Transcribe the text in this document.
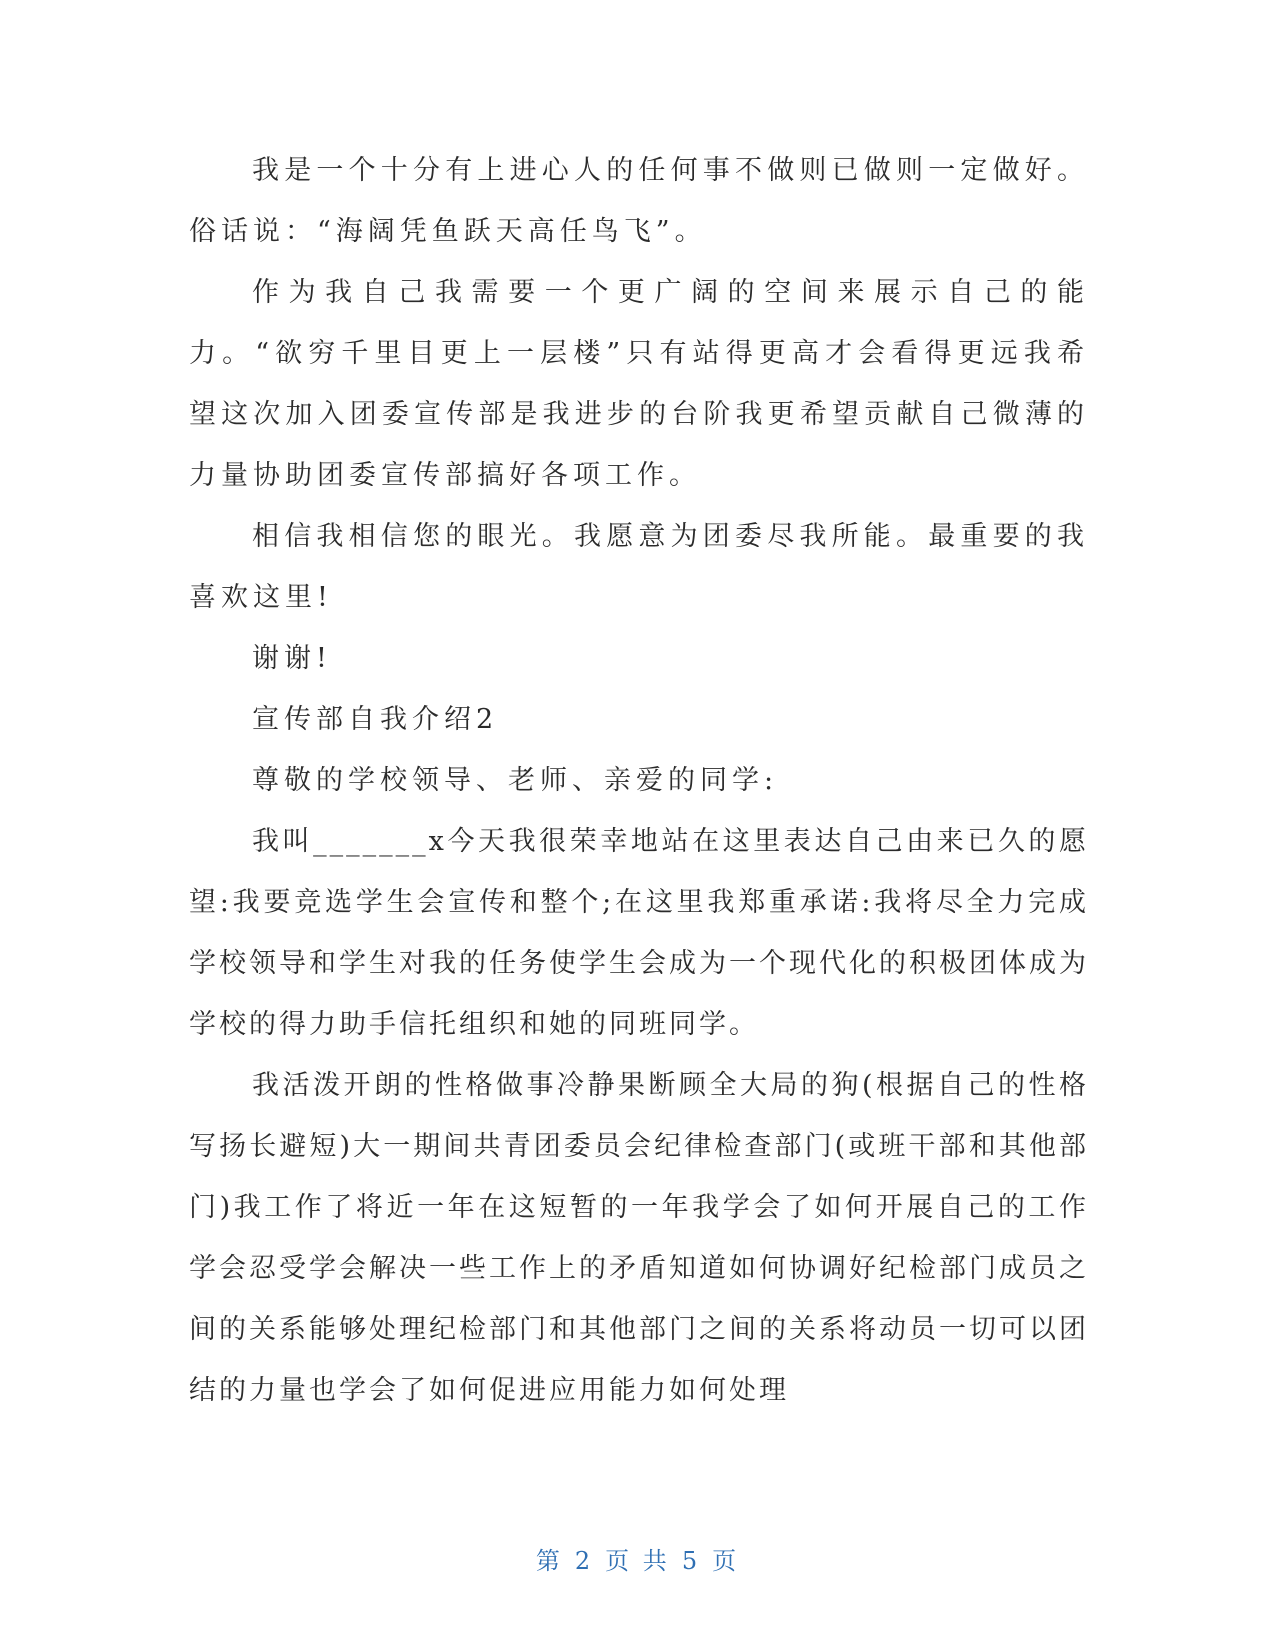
我是一个十分有上进心人的任何事不做则已做则一定做好。俗话说：“海阔凭鱼跃天高任鸟飞”。

作为我自己我需要一个更广阔的空间来展示自己的能力。“欲穷千里目更上一层楼”只有站得更高才会看得更远我希望这次加入团委宣传部是我进步的台阶我更希望贡献自己微薄的力量协助团委宣传部搞好各项工作。

相信我相信您的眼光。我愿意为团委尽我所能。最重要的我喜欢这里!

谢谢!

宣传部自我介绍2

尊敬的学校领导、老师、亲爱的同学:

我叫_______x今天我很荣幸地站在这里表达自己由来已久的愿望:我要竞选学生会宣传和整个;在这里我郑重承诺:我将尽全力完成学校领导和学生对我的任务使学生会成为一个现代化的积极团体成为学校的得力助手信托组织和她的同班同学。

我活泼开朗的性格做事冷静果断顾全大局的狗(根据自己的性格写扬长避短)大一期间共青团委员会纪律检查部门(或班干部和其他部门)我工作了将近一年在这短暂的一年我学会了如何开展自己的工作学会忍受学会解决一些工作上的矛盾知道如何协调好纪检部门成员之间的关系能够处理纪检部门和其他部门之间的关系将动员一切可以团结的力量也学会了如何促进应用能力如何处理

第 2 页 共 5 页
